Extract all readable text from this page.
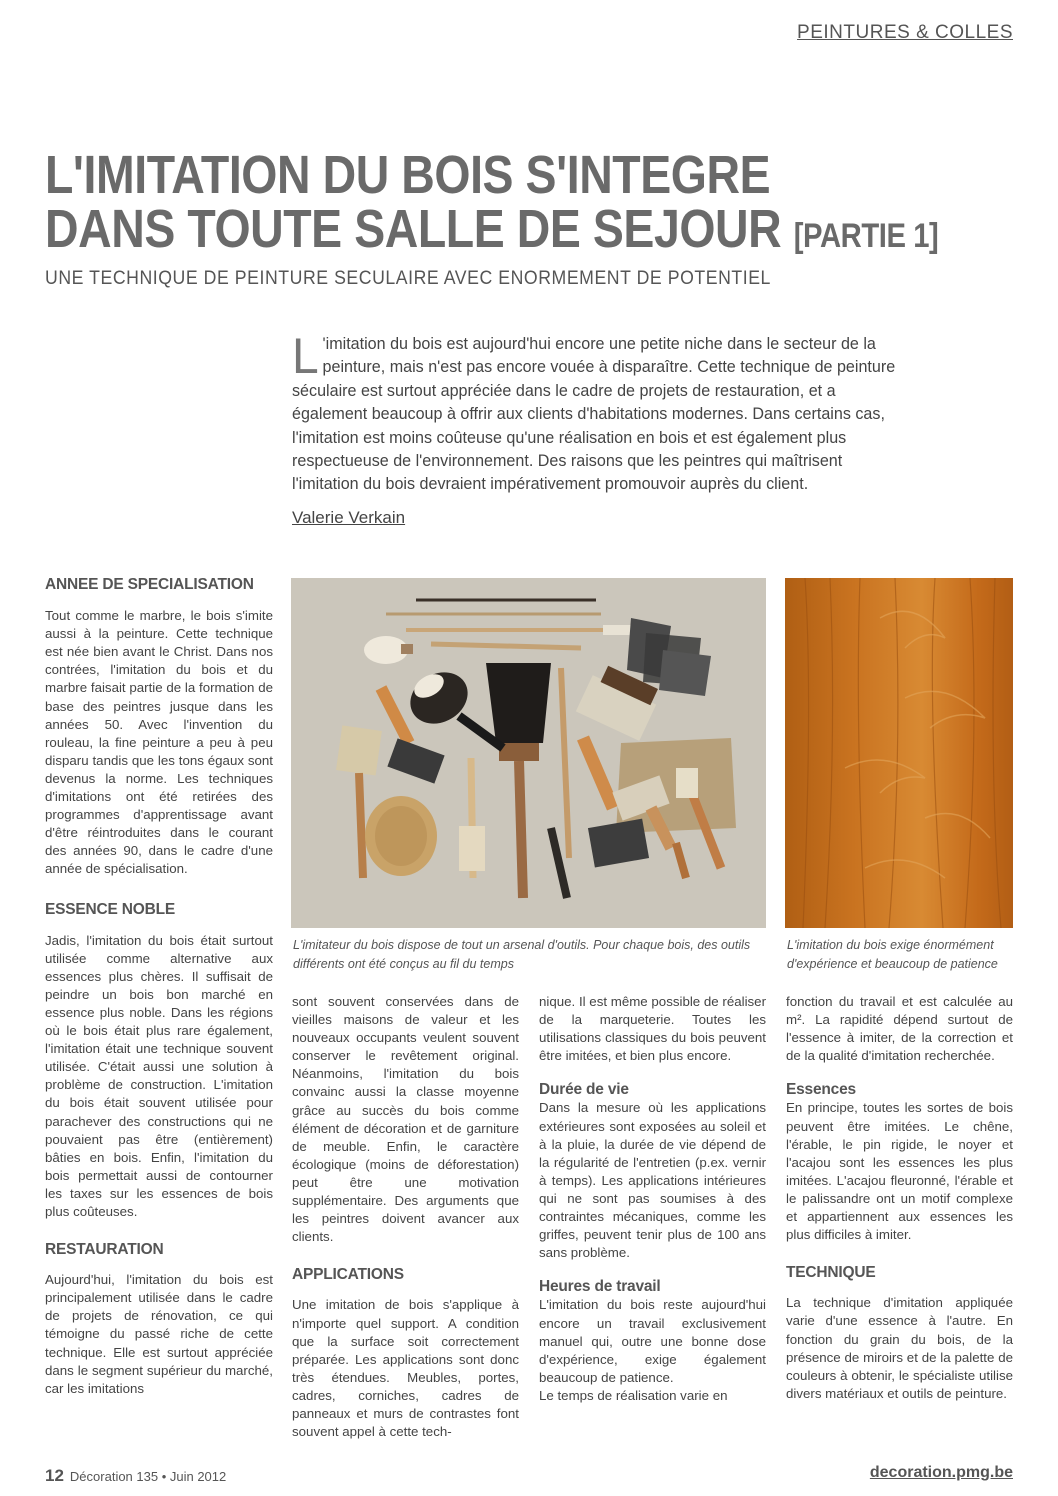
PEINTURES & COLLES
L'IMITATION DU BOIS S'INTEGRE
DANS TOUTE SALLE DE SEJOUR [PARTIE 1]
UNE TECHNIQUE DE PEINTURE SECULAIRE AVEC ENORMEMENT DE POTENTIEL
L 'imitation du bois est aujourd'hui encore une petite niche dans le secteur de la peinture, mais n'est pas encore vouée à disparaître. Cette technique de peinture séculaire est surtout appréciée dans le cadre de projets de restauration, et a également beaucoup à offrir aux clients d'habitations modernes. Dans certains cas, l'imitation est moins coûteuse qu'une réalisation en bois et est également plus respectueuse de l'environnement. Des raisons que les peintres qui maîtrisent l'imitation du bois devraient impérativement promouvoir auprès du client.
Valerie Verkain
ANNEE DE SPECIALISATION

Tout comme le marbre, le bois s'imite aussi à la peinture. Cette technique est née bien avant le Christ. Dans nos contrées, l'imitation du bois et du marbre faisait partie de la formation de base des peintres jusque dans les années 50. Avec l'invention du rouleau, la fine peinture a peu à peu disparu tandis que les tons égaux sont devenus la norme. Les techniques d'imitations ont été retirées des programmes d'apprentissage avant d'être réintroduites dans le courant des années 90, dans le cadre d'une année de spécialisation.

ESSENCE NOBLE

Jadis, l'imitation du bois était surtout utilisée comme alternative aux essences plus chères. Il suffisait de peindre un bois bon marché en essence plus noble. Dans les régions où le bois était plus rare également, l'imitation était une technique souvent utilisée. C'était aussi une solution à problème de construction. L'imitation du bois était souvent utilisée pour parachever des constructions qui ne pouvaient pas être (entièrement) bâties en bois. Enfin, l'imitation du bois permettait aussi de contourner les taxes sur les essences de bois plus coûteuses.

RESTAURATION

Aujourd'hui, l'imitation du bois est principalement utilisée dans le cadre de projets de rénovation, ce qui témoigne du passé riche de cette technique. Elle est surtout appréciée dans le segment supérieur du marché, car les imitations

L'imitateur du bois dispose de tout un arsenal d'outils. Pour chaque bois, des outils différents ont été conçus au fil du temps
L'imitation du bois exige énormément d'expérience et beaucoup de patience

sont souvent conservées dans de vieilles maisons de valeur et les nouveaux occupants veulent souvent conserver le revêtement original. Néanmoins, l'imitation du bois convainc aussi la classe moyenne grâce au succès du bois comme élément de décoration et de garniture de meuble. Enfin, le caractère écologique (moins de déforestation) peut être une motivation supplémentaire. Des arguments que les peintres doivent avancer aux clients.

APPLICATIONS

Une imitation de bois s'applique à n'importe quel support. A condition que la surface soit correctement préparée. Les applications sont donc très étendues. Meubles, portes, cadres, corniches, cadres de panneaux et murs de contrastes font souvent appel à cette tech-

nique. Il est même possible de réaliser de la marqueterie. Toutes les utilisations classiques du bois peuvent être imitées, et bien plus encore.

Durée de vie

Dans la mesure où les applications extérieures sont exposées au soleil et à la pluie, la durée de vie dépend de la régularité de l'entretien (p.ex. vernir à temps). Les applications intérieures qui ne sont pas soumises à des contraintes mécaniques, comme les griffes, peuvent tenir plus de 100 ans sans problème.

Heures de travail

L'imitation du bois reste aujourd'hui encore un travail exclusivement manuel qui, outre une bonne dose d'expérience, exige également beaucoup de patience.

Le temps de réalisation varie en

fonction du travail et est calculée au m². La rapidité dépend surtout de l'essence à imiter, de la correction et de la qualité d'imitation recherchée.

Essences

En principe, toutes les sortes de bois peuvent être imitées. Le chêne, l'érable, le pin rigide, le noyer et l'acajou sont les essences les plus imitées. L'acajou fleuronné, l'érable et le palissandre ont un motif complexe et appartiennent aux essences les plus difficiles à imiter.

TECHNIQUE

La technique d'imitation appliquée varie d'une essence à l'autre. En fonction du grain du bois, de la présence de miroirs et de la palette de couleurs à obtenir, le spécialiste utilise divers matériaux et outils de peinture.

12 Décoration 135 • Juin 2012	decoration.pmg.be
